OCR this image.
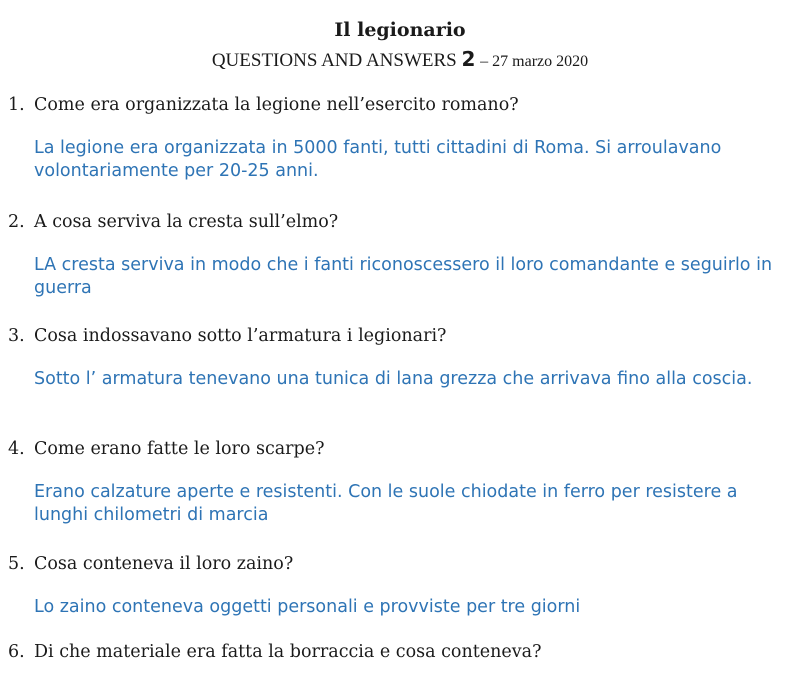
Il legionario
QUESTIONS AND ANSWERS 2 – 27 marzo 2020
1. Come era organizzata la legione nell’esercito romano?
La legione era organizzata in 5000 fanti, tutti cittadini di Roma. Si arroulavano volontariamente per 20-25 anni.
2. A cosa serviva la cresta sull’elmo?
LA cresta serviva in modo che i fanti riconoscessero il loro comandante e seguirlo in guerra
3. Cosa indossavano sotto l’armatura i legionari?
Sotto l’ armatura tenevano una tunica di lana grezza che arrivava fino alla coscia.
4. Come erano fatte le loro scarpe?
Erano calzature aperte e resistenti. Con le suole chiodate in ferro per resistere a lunghi chilometri di marcia
5. Cosa conteneva il loro zaino?
Lo zaino conteneva oggetti personali e provviste per tre giorni
6. Di che materiale era fatta la borraccia e cosa conteneva?
